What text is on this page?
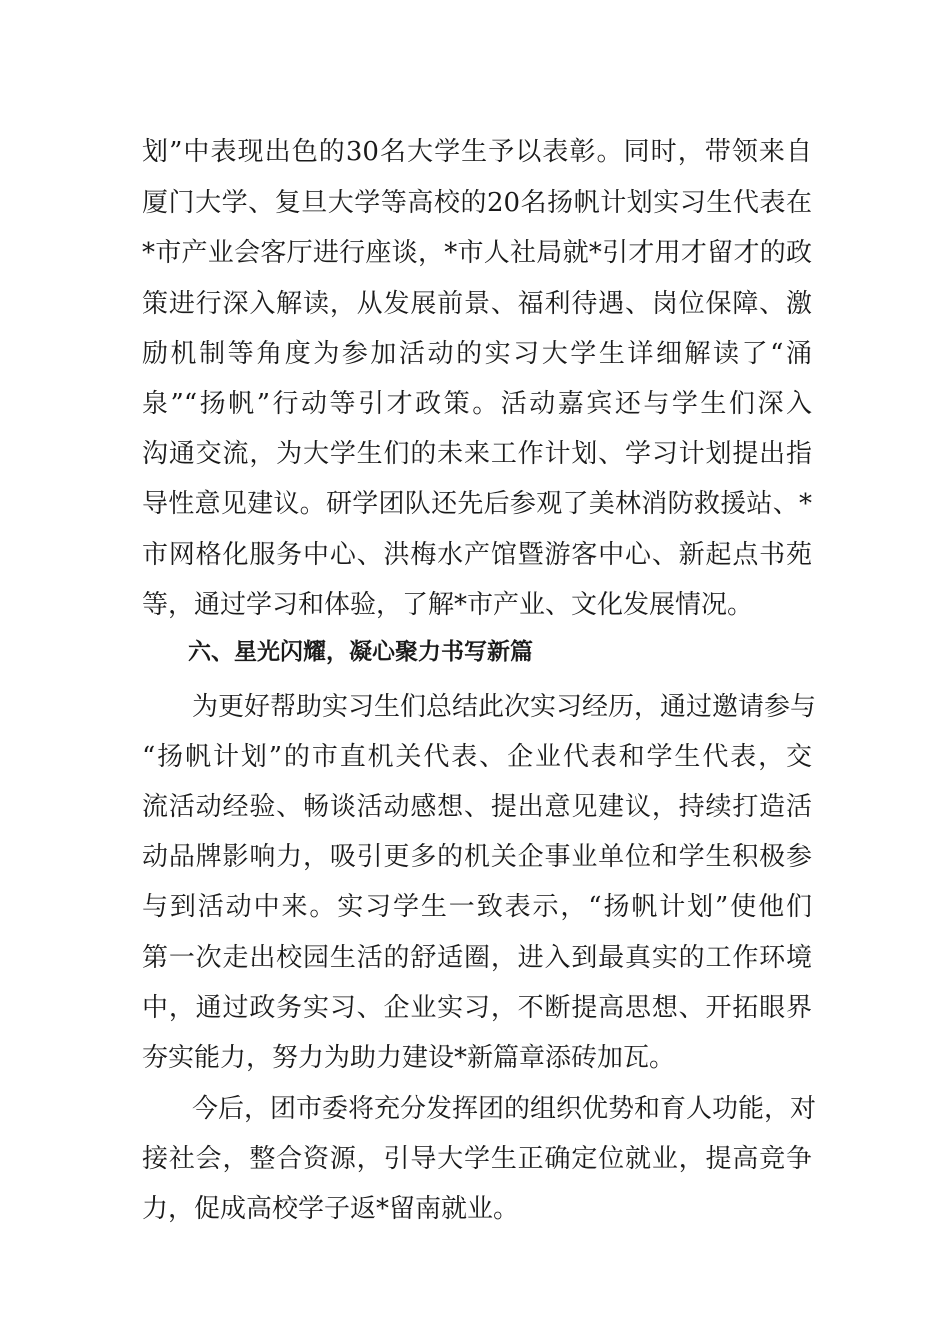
划”中表现出色的30名大学生予以表彰。同时，带领来自

厦门大学、复旦大学等高校的20名扬帆计划实习生代表在

*市产业会客厅进行座谈，*市人社局就*引才用才留才的政

策进行深入解读，从发展前景、福利待遇、岗位保障、激

励机制等角度为参加活动的实习大学生详细解读了“涌

泉”“扬帆”行动等引才政策。活动嘉宾还与学生们深入

沟通交流，为大学生们的未来工作计划、学习计划提出指

导性意见建议。研学团队还先后参观了美林消防救援站、*

市网格化服务中心、洪梅水产馆暨游客中心、新起点书苑

等，通过学习和体验，了解*市产业、文化发展情况。

六、星光闪耀，凝心聚力书写新篇

为更好帮助实习生们总结此次实习经历，通过邀请参与

“扬帆计划”的市直机关代表、企业代表和学生代表，交

流活动经验、畅谈活动感想、提出意见建议，持续打造活

动品牌影响力，吸引更多的机关企事业单位和学生积极参

与到活动中来。实习学生一致表示，“扬帆计划”使他们

第一次走出校园生活的舒适圈，进入到最真实的工作环境

中，通过政务实习、企业实习，不断提高思想、开拓眼界

夯实能力，努力为助力建设*新篇章添砖加瓦。

今后，团市委将充分发挥团的组织优势和育人功能，对

接社会，整合资源，引导大学生正确定位就业，提高竞争

力，促成高校学子返*留南就业。
